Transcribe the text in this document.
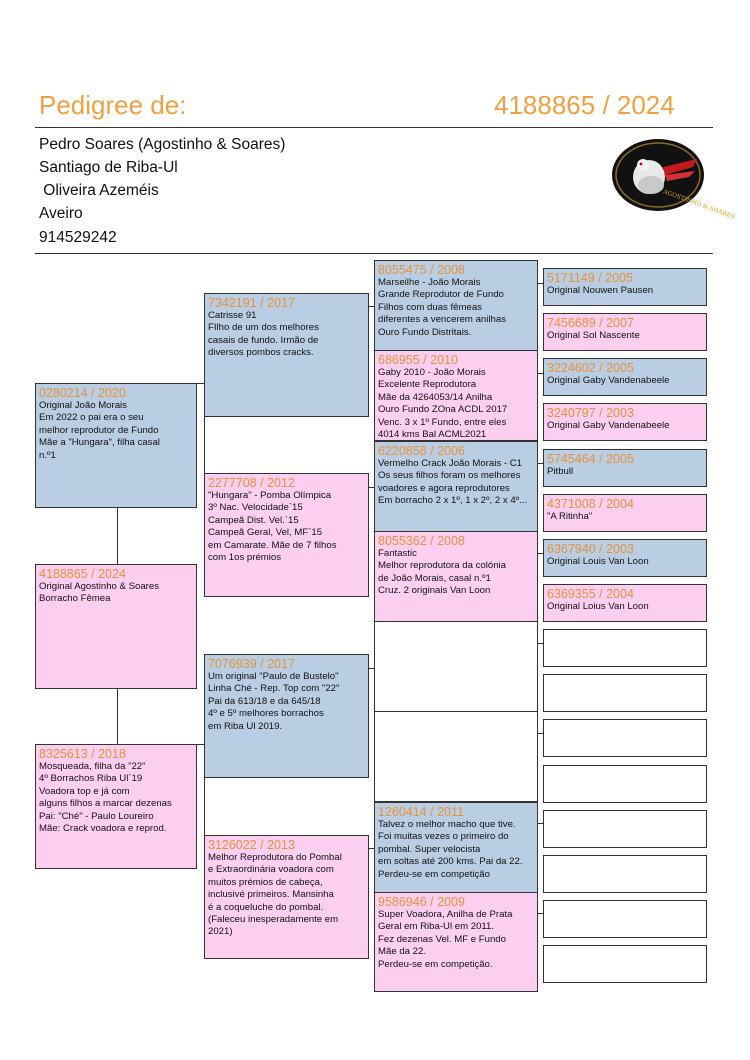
Pedigree de:	4188865 / 2024
Pedro Soares (Agostinho & Soares)
Santiago de Riba-Ul
Oliveira Azeméis
Aveiro
914529242
AGOSTINHO & SOARES
0280214 / 2020
Original João Morais
Em 2022 o pai era o seu
melhor reprodutor de Fundo
Mãe a "Hungara", filha casal
n.º1
4188865 / 2024
Original Agostinho & Soares
Borracho Fêmea
8325613 / 2018
Mosqueada, filha da "22"
4º Borrachos Riba Ul´19
Voadora top e já com
alguns filhos a marcar dezenas
Pai: "Ché" - Paulo Loureiro
Mãe: Crack voadora e reprod.
7342191 / 2017
Catrisse 91
FIlho de um dos melhores
casais de fundo. Irmão de
diversos pombos cracks.
2277708 / 2012
"Hungara" - Pomba Olímpica
3º Nac. Velocidade`15
Campeã Dist. Vel.`15
Campeã Geral, Vel, MF`15
em Camarate. Mãe de 7 filhos
com 1os prémios
7076939 / 2017
Um original "Paulo de Bustelo"
Linha Ché - Rep. Top com "22"
Pai da 613/18 e da 645/18
4º e 5º melhores borrachos
em Riba Ul 2019.
3126022 / 2013
Melhor Reprodutora do Pombal
e Extraordinária voadora com
muitos prémios de cabeça,
inclusivé primeiros. Mansinha
é a coqueluche do pombal.
(Faleceu inesperadamente em 2021)
8055475 / 2008
Marseilhe - João Morais
Grande Reprodutor de Fundo
Filhos com duas fêmeas
diferentes a vencerem anilhas
Ouro Fundo Distritais.
686955 / 2010
Gaby 2010 - João Morais
Excelente Reprodutora
Mãe da 4264053/14 Anilha
Ouro Fundo ZOna ACDL 2017
Venc. 3 x 1º Fundo, entre eles
4014 kms Bal ACML2021
6220858 / 2006
Vermelho Crack João Morais - C1
Os seus filhos foram os melhores
voadores e agora reprodutores
Em borracho 2 x 1º, 1 x 2º, 2 x 4º...
8055362 / 2008
Fantastic
Melhor reprodutora da colónia
de João Morais, casal n.º1
Cruz. 2 originais Van Loon
1260414 / 2011
Talvez o melhor macho que tive.
Foi muitas vezes o primeiro do
pombal. Super velocista
em soltas até 200 kms. Pai da 22.
Perdeu-se em competição
9586946 / 2009
Super Voadora, Anilha de Prata
Geral em Riba-Ul em 2011.
Fez dezenas Vel. MF e Fundo
Mãe da 22.
Perdeu-se em competição.
5171149 / 2005
Original Nouwen Pausen
7456689 / 2007
Original Sol Nascente
3224602 / 2005
Original Gaby Vandenabeele
3240797 / 2003
Original Gaby Vandenabeele
5745464 / 2005
Pitbull
4371008 / 2004
"A Ritinha"
6367940 / 2003
Original Louis Van Loon
6369355 / 2004
Original Loius Van Loon
